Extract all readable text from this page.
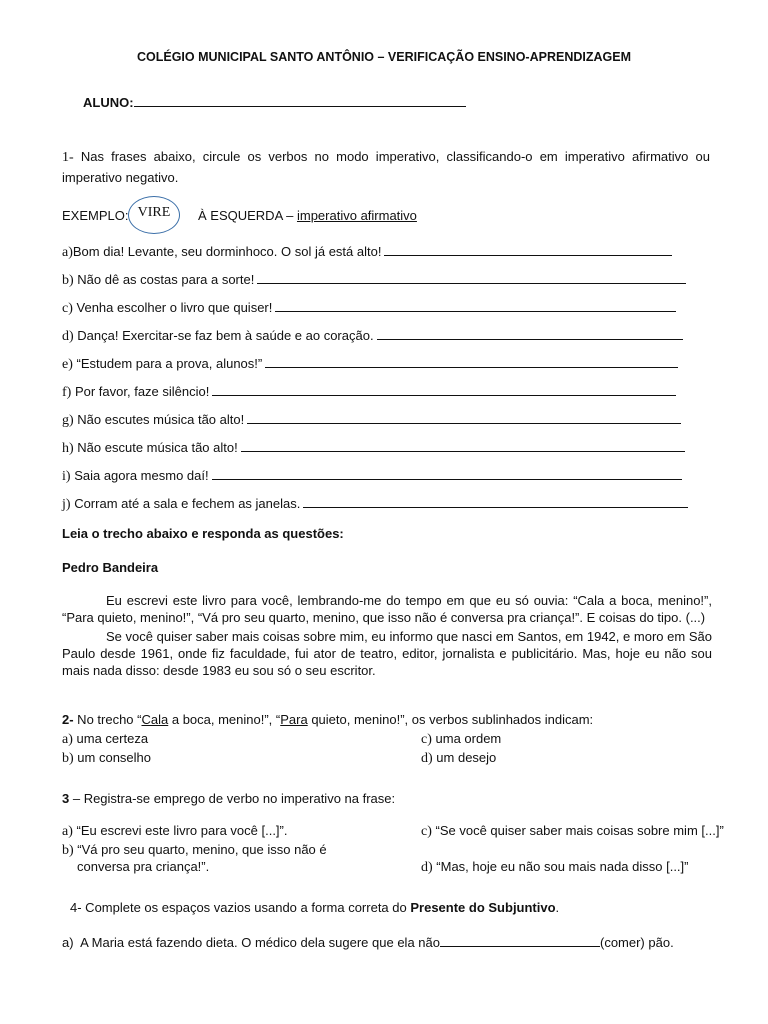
COLÉGIO MUNICIPAL SANTO ANTÔNIO – VERIFICAÇÃO ENSINO-APRENDIZAGEM
ALUNO:
1- Nas frases abaixo, circule os verbos no modo imperativo, classificando-o em imperativo afirmativo ou imperativo negativo.
EXEMPLO: VIRE	À ESQUERDA – imperativo afirmativo
a)Bom dia! Levante, seu dorminhoco. O sol já está alto!
b) Não dê as costas para a sorte!
c) Venha escolher o livro que quiser!
d) Dança! Exercitar-se faz bem à saúde e ao coração.
e) “Estudem para a prova, alunos!”
f) Por favor, faze silêncio!
g) Não escutes música tão alto!
h) Não escute música tão alto!
i) Saia agora mesmo daí!
j) Corram até a sala e fechem as janelas.
Leia o trecho abaixo e responda as questões:
Pedro Bandeira
Eu escrevi este livro para você, lembrando-me do tempo em que eu só ouvia: “Cala a boca, menino!”, “Para quieto, menino!”, “Vá pro seu quarto, menino, que isso não é conversa pra criança!”. E coisas do tipo. (...)
Se você quiser saber mais coisas sobre mim, eu informo que nasci em Santos, em 1942, e moro em São Paulo desde 1961, onde fiz faculdade, fui ator de teatro, editor, jornalista e publicitário. Mas, hoje eu não sou mais nada disso: desde 1983 eu sou só o seu escritor.
2- No trecho “Cala a boca, menino!”, “Para quieto, menino!”, os verbos sublinhados indicam:
a) uma certeza
b) um conselho
c) uma ordem
d) um desejo
3 – Registra-se emprego de verbo no imperativo na frase:
a) “Eu escrevi este livro para você [...]”.
b) “Vá pro seu quarto, menino, que isso não é conversa pra criança!”.
c) “Se você quiser saber mais coisas sobre mim [...]”
d) “Mas, hoje eu não sou mais nada disso [...]”
4- Complete os espaços vazios usando a forma correta do Presente do Subjuntivo.
a) A Maria está fazendo dieta. O médico dela sugere que ela não	(comer) pão.
